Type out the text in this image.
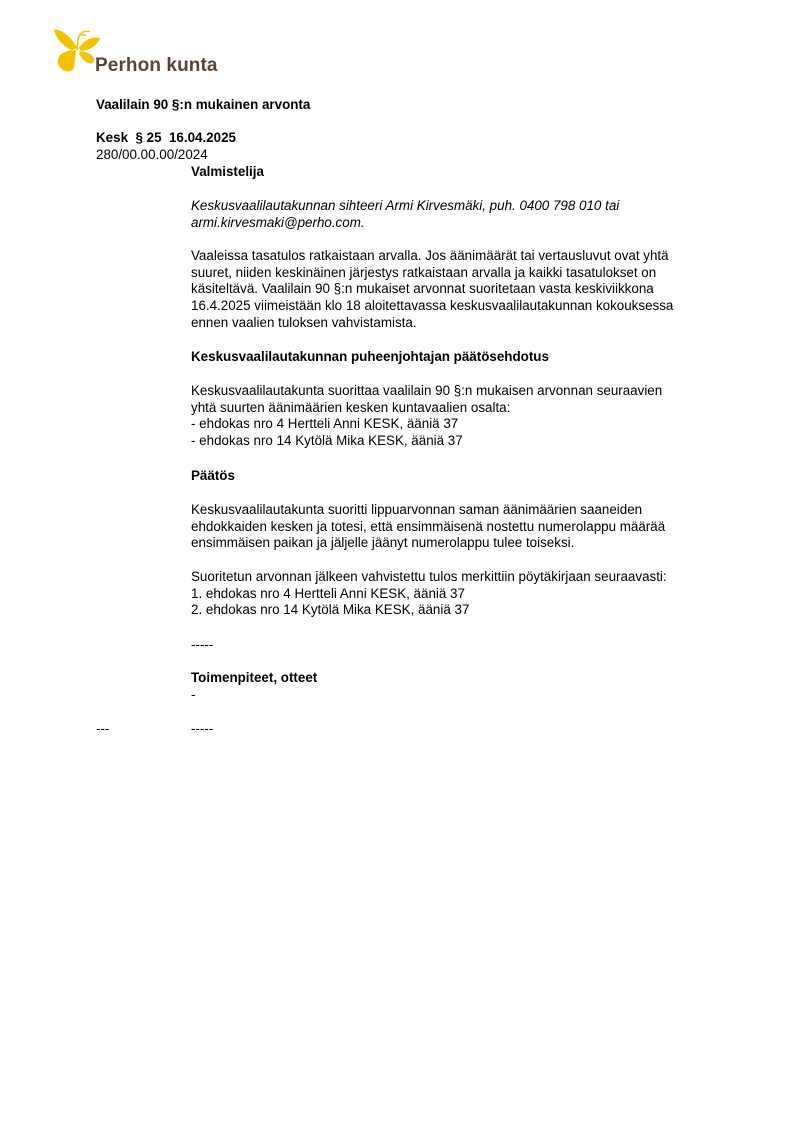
Perhon kunta
Vaalilain 90 §:n mukainen arvonta
Kesk  § 25  16.04.2025
280/00.00.00/2024

Valmistelija

Keskusvaalilautakunnan sihteeri Armi Kirvesmäki, puh. 0400 798 010 tai

armi.kirvesmaki@perho.com.

Vaaleissa tasatulos ratkaistaan arvalla. Jos äänimäärät tai vertausluvut ovat yhtä

suuret, niiden keskinäinen järjestys ratkaistaan arvalla ja kaikki tasatulokset on

käsiteltävä. Vaalilain 90 §:n mukaiset arvonnat suoritetaan vasta keskiviikkona

16.4.2025 viimeistään klo 18 aloitettavassa keskusvaalilautakunnan kokouksessa

ennen vaalien tuloksen vahvistamista.

Keskusvaalilautakunnan puheenjohtajan päätösehdotus

Keskusvaalilautakunta suorittaa vaalilain 90 §:n mukaisen arvonnan seuraavien

yhtä suurten äänimäärien kesken kuntavaalien osalta:

- ehdokas nro 4 Hertteli Anni KESK, ääniä 37

- ehdokas nro 14 Kytölä Mika KESK, ääniä 37

Päätös

Keskusvaalilautakunta suoritti lippuarvonnan saman äänimäärien saaneiden

ehdokkaiden kesken ja totesi, että ensimmäisenä nostettu numerolappu määrää

ensimmäisen paikan ja jäljelle jäänyt numerolappu tulee toiseksi.

Suoritetun arvonnan jälkeen vahvistettu tulos merkittiin pöytäkirjaan seuraavasti:

1. ehdokas nro 4 Hertteli Anni KESK, ääniä 37

2. ehdokas nro 14 Kytölä Mika KESK, ääniä 37

-----
Toimenpiteet, otteet
-
---	-----
